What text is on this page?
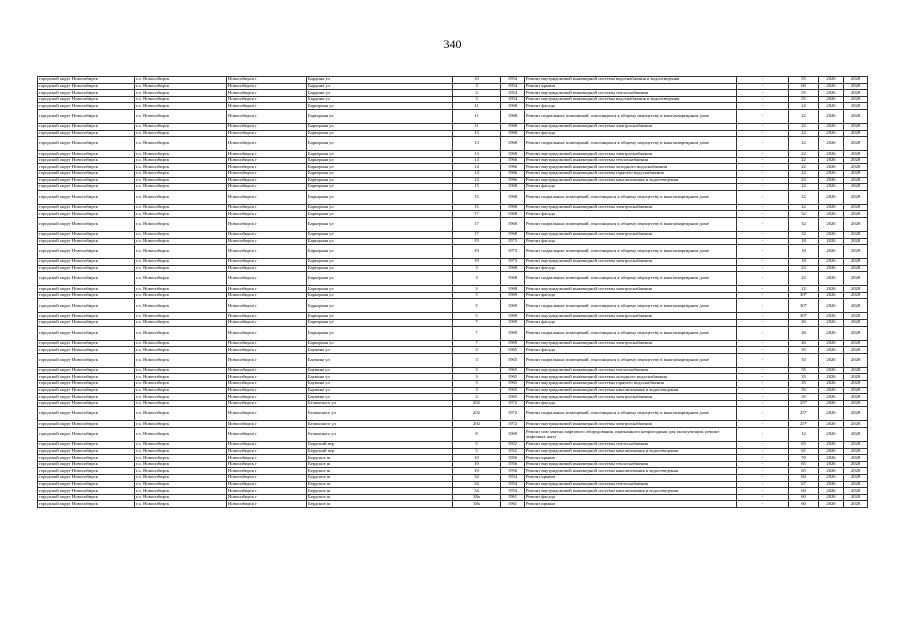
340
городской округ Новосибирск	г.о. Новосибирск	Новосибирск г	Бардина ул	10	1954	Ремонт внутридомовой инженерной системы водоснабжения и водоотведения	-	55	2026	2028
городской округ Новосибирск	г.о. Новосибирск	Новосибирск г	Бардина ул	3	1954	Ремонт крыши	-	60	2026	2028
городской округ Новосибирск	г.о. Новосибирск	Новосибирск г	Бардина ул	3	1954	Ремонт внутридомовой инженерной системы теплоснабжения	-	55	2026	2028
городской округ Новосибирск	г.о. Новосибирск	Новосибирск г	Бардина ул	3	1954	Ремонт внутридомовой инженерной системы водоснабжения и водоотведения	-	55	2026	2028
городской округ Новосибирск	г.о. Новосибирск	Новосибирск г	Барьерная ул	11	1968	Ремонт фасада	-	22	2026	2028
городской округ Новосибирск	г.о. Новосибирск	Новосибирск г	Барьерная ул	11	1968	Ремонт подвальных помещений, относящихся к общему имуществу в многоквартирном доме	-	22	2026	2028
городской округ Новосибирск	г.о. Новосибирск	Новосибирск г	Барьерная ул	11	1968	Ремонт внутридомовой инженерной системы электроснабжения	-	22	2026	2028
городской округ Новосибирск	г.о. Новосибирск	Новосибирск г	Барьерная ул	13	1968	Ремонт фасада	-	22	2026	2028
городской округ Новосибирск	г.о. Новосибирск	Новосибирск г	Барьерная ул	13	1968	Ремонт подвальных помещений, относящихся к общему имуществу в многоквартирном доме	-	22	2026	2028
городской округ Новосибирск	г.о. Новосибирск	Новосибирск г	Барьерная ул	13	1968	Ремонт внутридомовой инженерной системы электроснабжения	-	22	2026	2028
городской округ Новосибирск	г.о. Новосибирск	Новосибирск г	Барьерная ул	14	1966	Ремонт внутридомовой инженерной системы теплоснабжения	-	22	2026	2028
городской округ Новосибирск	г.о. Новосибирск	Новосибирск г	Барьерная ул	14	1966	Ремонт внутридомовой инженерной системы холодного водоснабжения	-	22	2026	2028
городской округ Новосибирск	г.о. Новосибирск	Новосибирск г	Барьерная ул	14	1966	Ремонт внутридомовой инженерной системы горячего водоснабжения	-	22	2026	2028
городской округ Новосибирск	г.о. Новосибирск	Новосибирск г	Барьерная ул	14	1966	Ремонт внутридомовой инженерной системы канализования и водоотведения	-	22	2026	2028
городской округ Новосибирск	г.о. Новосибирск	Новосибирск г	Барьерная ул	15	1968	Ремонт фасада	-	22	2026	2028
городской округ Новосибирск	г.о. Новосибирск	Новосибирск г	Барьерная ул	15	1968	Ремонт подвальных помещений, относящихся к общему имуществу в многоквартирном доме	-	22	2026	2028
городской округ Новосибирск	г.о. Новосибирск	Новосибирск г	Барьерная ул	15	1968	Ремонт внутридомовой инженерной системы электроснабжения	-	22	2026	2028
городской округ Новосибирск	г.о. Новосибирск	Новосибирск г	Барьерная ул	17	1968	Ремонт фасада	-	32	2026	2028
городской округ Новосибирск	г.о. Новосибирск	Новосибирск г	Барьерная ул	17	1968	Ремонт подвальных помещений, относящихся к общему имуществу в многоквартирном доме	-	32	2026	2028
городской округ Новосибирск	г.о. Новосибирск	Новосибирск г	Барьерная ул	17	1968	Ремонт внутридомовой инженерной системы электроснабжения	-	32	2026	2028
городской округ Новосибирск	г.о. Новосибирск	Новосибирск г	Барьерная ул	19	1973	Ремонт фасада	-	18	2026	2028
городской округ Новосибирск	г.о. Новосибирск	Новосибирск г	Барьерная ул	19	1973	Ремонт подвальных помещений, относящихся к общему имуществу в многоквартирном доме	-	18	2026	2028
городской округ Новосибирск	г.о. Новосибирск	Новосибирск г	Барьерная ул	19	1973	Ремонт внутридомовой инженерной системы электроснабжения	-	18	2026	2028
городской округ Новосибирск	г.о. Новосибирск	Новосибирск г	Барьерная ул	3	1968	Ремонт фасада	-	22	2026	2028
городской округ Новосибирск	г.о. Новосибирск	Новосибирск г	Барьерная ул	3	1968	Ремонт подвальных помещений, относящихся к общему имуществу в многоквартирном доме	-	22	2026	2028
городской округ Новосибирск	г.о. Новосибирск	Новосибирск г	Барьерная ул	3	1968	Ремонт внутридомовой инженерной системы электроснабжения	-	22	2026	2028
городской округ Новосибирск	г.о. Новосибирск	Новосибирск г	Барьерная ул	5	1969	Ремонт фасада	-	30*	2026	2028
городской округ Новосибирск	г.о. Новосибирск	Новосибирск г	Барьерная ул	5	1969	Ремонт подвальных помещений, относящихся к общему имуществу в многоквартирном доме	-	30*	2026	2028
городской округ Новосибирск	г.о. Новосибирск	Новосибирск г	Барьерная ул	5	1969	Ремонт внутридомовой инженерной системы электроснабжения	-	30*	2026	2028
городской округ Новосибирск	г.о. Новосибирск	Новосибирск г	Барьерная ул	7	1969	Ремонт фасада	-	26	2026	2028
городской округ Новосибирск	г.о. Новосибирск	Новосибирск г	Барьерная ул	7	1969	Ремонт подвальных помещений, относящихся к общему имуществу в многоквартирном доме	-	26	2026	2028
городской округ Новосибирск	г.о. Новосибирск	Новосибирск г	Барьерная ул	7	1969	Ремонт внутридомовой инженерной системы электроснабжения	-	26	2026	2028
городской округ Новосибирск	г.о. Новосибирск	Новосибирск г	Баумана ул	3	1965	Ремонт фасада	-	35	2026	2028
городской округ Новосибирск	г.о. Новосибирск	Новосибирск г	Баумана ул	3	1965	Ремонт подвальных помещений, относящихся к общему имуществу в многоквартирном доме	-	35	2026	2028
городской округ Новосибирск	г.о. Новосибирск	Новосибирск г	Баумана ул	3	1965	Ремонт внутридомовой инженерной системы теплоснабжения	-	35	2026	2028
городской округ Новосибирск	г.о. Новосибирск	Новосибирск г	Баумана ул	3	1965	Ремонт внутридомовой инженерной системы холодного водоснабжения	-	35	2026	2028
городской округ Новосибирск	г.о. Новосибирск	Новосибирск г	Баумана ул	3	1965	Ремонт внутридомовой инженерной системы горячего водоснабжения	-	35	2026	2028
городской округ Новосибирск	г.о. Новосибирск	Новосибирск г	Баумана ул	3	1965	Ремонт внутридомовой инженерной системы канализования и водоотведения	-	35	2026	2028
городской округ Новосибирск	г.о. Новосибирск	Новосибирск г	Баумана ул	3	1965	Ремонт внутридомовой инженерной системы электроснабжения	-	35	2026	2028
городской округ Новосибирск	г.о. Новосибирск	Новосибирск г	Белинского ул	202	1972	Ремонт фасада	-	25*	2026	2028
городской округ Новосибирск	г.о. Новосибирск	Новосибирск г	Белинского ул	202	1972	Ремонт подвальных помещений, относящихся к общему имуществу в многоквартирном доме	-	25*	2026	2028
городской округ Новосибирск	г.о. Новосибирск	Новосибирск г	Белинского ул	202	1972	Ремонт внутридомовой инженерной системы электроснабжения	-	25*	2026	2028
городской округ Новосибирск	г.о. Новосибирск	Новосибирск г	Белинского ул	8	1969	Ремонт или замена лифтового оборудования, признанного непригодным для эксплуатации, ремонт лифтовых шахт	-	12	2026	2028
городской округ Новосибирск	г.о. Новосибирск	Новосибирск г	Бердский пер	5	1952	Ремонт внутридомовой инженерной системы теплоснабжения	-	65	2026	2028
городской округ Новосибирск	г.о. Новосибирск	Новосибирск г	Бердский пер	5	1952	Ремонт внутридомовой инженерной системы канализования и водоотведения	-	65	2026	2028
городской округ Новосибирск	г.о. Новосибирск	Новосибирск г	Бердское ш	10	1956	Ремонт крыши	-	70	2026	2028
городской округ Новосибирск	г.о. Новосибирск	Новосибирск г	Бердское ш	10	1956	Ремонт внутридомовой инженерной системы теплоснабжения	-	65	2026	2028
городской округ Новосибирск	г.о. Новосибирск	Новосибирск г	Бердское ш	10	1956	Ремонт внутридомовой инженерной системы канализования и водоотведения	-	65	2026	2028
городской округ Новосибирск	г.о. Новосибирск	Новосибирск г	Бердское ш	34	1954	Ремонт крыши	-	60	2026	2028
городской округ Новосибирск	г.о. Новосибирск	Новосибирск г	Бердское ш	34	1954	Ремонт внутридомовой инженерной системы теплоснабжения	-	67	2026	2028
городской округ Новосибирск	г.о. Новосибирск	Новосибирск г	Бердское ш	34	1954	Ремонт внутридомовой инженерной системы канализования и водоотведения	-	60	2026	2028
городской округ Новосибирск	г.о. Новосибирск	Новосибирск г	Бердское ш	38а	1961	Ремонт фасада	-	60	2026	2028
городской округ Новосибирск	г.о. Новосибирск	Новосибирск г	Бердское ш	38а	1961	Ремонт крыши	-	60	2026	2028
